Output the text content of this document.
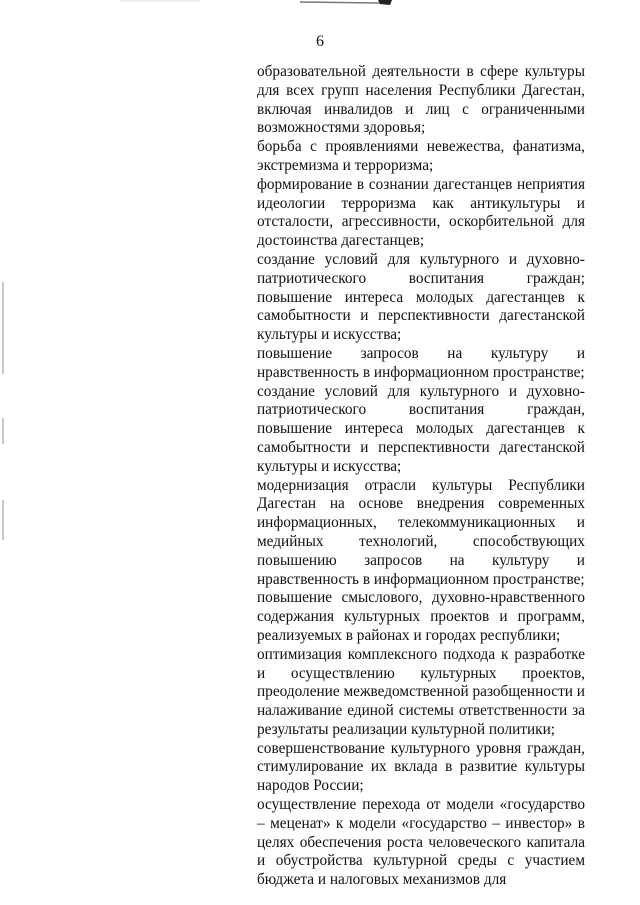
6

образовательной деятельности в сфере культуры для всех групп населения Республики Дагестан, включая инвалидов и лиц с ограниченными возможностями здоровья;

борьба с проявлениями невежества, фанатизма, экстремизма и терроризма;

формирование в сознании дагестанцев неприятия идеологии терроризма как антикультуры и отсталости, агрессивности, оскорбительной для достоинства дагестанцев;

создание условий для культурного и духовно-патриотического воспитания граждан; повышение интереса молодых дагестанцев к самобытности и перспективности дагестанской культуры и искусства;

повышение запросов на культуру и нравственность в информационном пространстве;

создание условий для культурного и духовно-патриотического воспитания граждан, повышение интереса молодых дагестанцев к самобытности и перспективности дагестанской культуры и искусства;

модернизация отрасли культуры Республики Дагестан на основе внедрения современных информационных, телекоммуникационных и медийных технологий, способствующих повышению запросов на культуру и нравственность в информационном пространстве;

повышение смыслового, духовно-нравственного содержания культурных проектов и программ, реализуемых в районах и городах республики;

оптимизация комплексного подхода к разработке и осуществлению культурных проектов, преодоление межведомственной разобщенности и налаживание единой системы ответственности за результаты реализации культурной политики;

совершенствование культурного уровня граждан, стимулирование их вклада в развитие культуры народов России;

осуществление перехода от модели «государство – меценат» к модели «государство – инвестор» в целях обеспечения роста человеческого капитала и обустройства культурной среды с участием бюджета и налоговых механизмов для
